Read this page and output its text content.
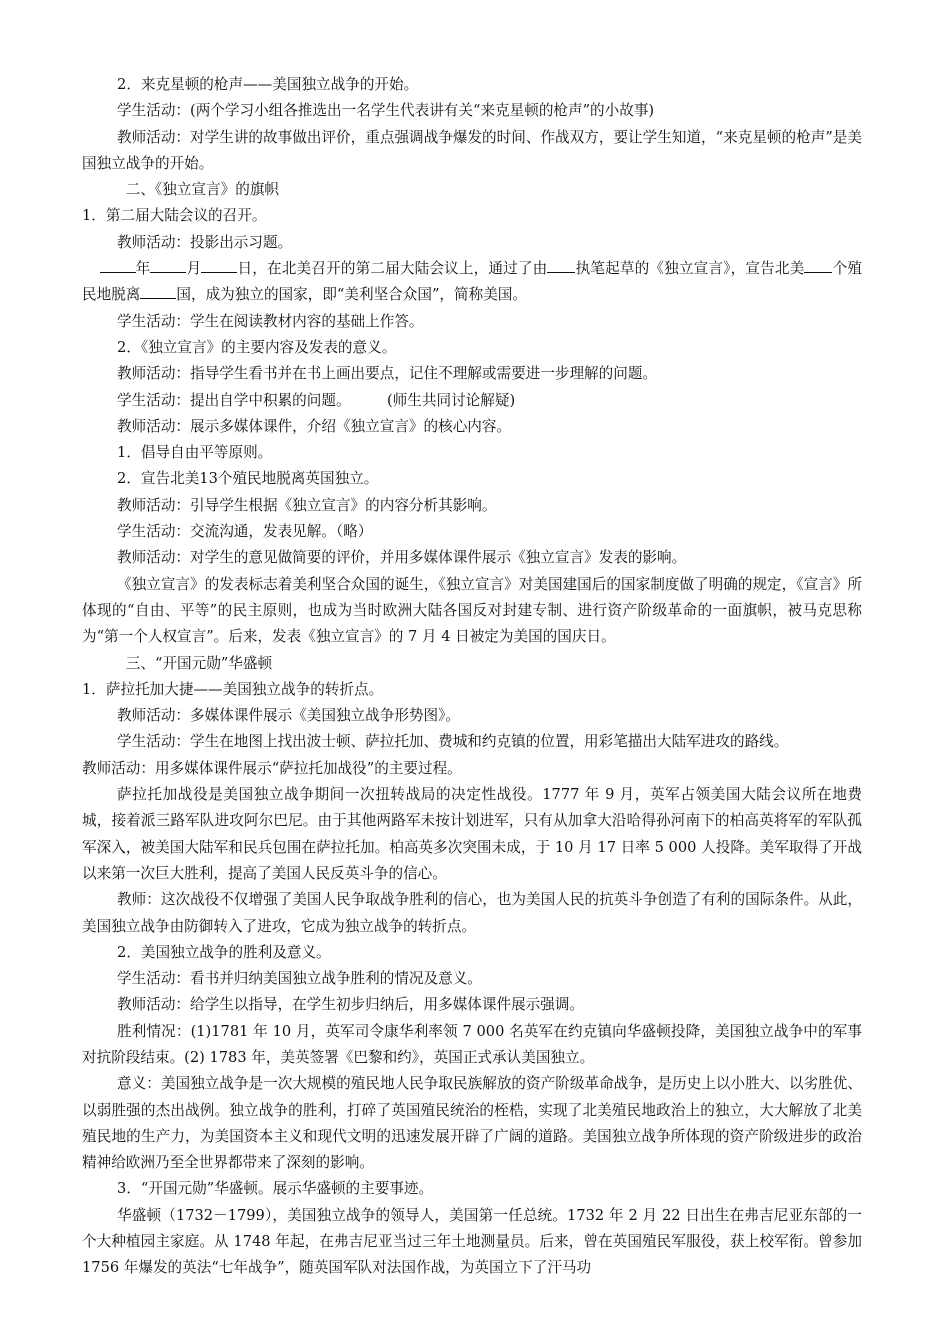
2．来克星顿的枪声——美国独立战争的开始。

学生活动：(两个学习小组各推选出一名学生代表讲有关“来克星顿的枪声”的小故事)

教师活动：对学生讲的故事做出评价，重点强调战争爆发的时间、作战双方，要让学生知道，“来克星顿的枪声”是美国独立战争的开始。

二、《独立宣言》的旗帜

1．第二届大陆会议的召开。

教师活动：投影出示习题。

年 月 日，在北美召开的第二届大陆会议上，通过了由 执笔起草的《独立宣言》，宣告北美 个殖民地脱离 国，成为独立的国家，即“美利坚合众国”，简称美国。

学生活动：学生在阅读教材内容的基础上作答。

2．《独立宣言》的主要内容及发表的意义。

教师活动：指导学生看书并在书上画出要点，记住不理解或需要进一步理解的问题。

学生活动：提出自学中积累的问题。　　　(师生共同讨论解疑)

教师活动：展示多媒体课件，介绍《独立宣言》的核心内容。

1．倡导自由平等原则。

2．宣告北美13个殖民地脱离英国独立。

教师活动：引导学生根据《独立宣言》的内容分析其影响。

学生活动：交流沟通，发表见解。（略）

教师活动：对学生的意见做简要的评价，并用多媒体课件展示《独立宣言》发表的影响。

《独立宣言》的发表标志着美利坚合众国的诞生，《独立宣言》对美国建国后的国家制度做了明确的规定，《宣言》所体现的“自由、平等”的民主原则，也成为当时欧洲大陆各国反对封建专制、进行资产阶级革命的一面旗帜，被马克思称为“第一个人权宣言”。后来，发表《独立宣言》的 7 月 4 日被定为美国的国庆日。

三、“开国元勋”华盛顿

1．萨拉托加大捷——美国独立战争的转折点。

教师活动：多媒体课件展示《美国独立战争形势图》。

学生活动：学生在地图上找出波士顿、萨拉托加、费城和约克镇的位置，用彩笔描出大陆军进攻的路线。

教师活动：用多媒体课件展示“萨拉托加战役”的主要过程。

萨拉托加战役是美国独立战争期间一次扭转战局的决定性战役。1777 年 9 月，英军占领美国大陆会议所在地费城，接着派三路军队进攻阿尔巴尼。由于其他两路军未按计划进军，只有从加拿大沿哈得孙河南下的柏高英将军的军队孤军深入，被美国大陆军和民兵包围在萨拉托加。柏高英多次突围未成，于 10 月 17 日率 5 000 人投降。美军取得了开战以来第一次巨大胜利，提高了美国人民反英斗争的信心。

教师：这次战役不仅增强了美国人民争取战争胜利的信心，也为美国人民的抗英斗争创造了有利的国际条件。从此，美国独立战争由防御转入了进攻，它成为独立战争的转折点。

2．美国独立战争的胜利及意义。

学生活动：看书并归纳美国独立战争胜利的情况及意义。

教师活动：给学生以指导，在学生初步归纳后，用多媒体课件展示强调。

胜利情况：(1)1781 年 10 月，英军司令康华利率领 7 000 名英军在约克镇向华盛顿投降，美国独立战争中的军事对抗阶段结束。(2) 1783 年，美英签署《巴黎和约》，英国正式承认美国独立。

意义：美国独立战争是一次大规模的殖民地人民争取民族解放的资产阶级革命战争，是历史上以小胜大、以劣胜优、以弱胜强的杰出战例。独立战争的胜利，打碎了英国殖民统治的桎梏，实现了北美殖民地政治上的独立，大大解放了北美殖民地的生产力，为美国资本主义和现代文明的迅速发展开辟了广阔的道路。美国独立战争所体现的资产阶级进步的政治精神给欧洲乃至全世界都带来了深刻的影响。

3．“开国元勋”华盛顿。展示华盛顿的主要事迹。

华盛顿（1732－1799），美国独立战争的领导人，美国第一任总统。1732 年 2 月 22 日出生在弗吉尼亚东部的一个大种植园主家庭。从 1748 年起，在弗吉尼亚当过三年土地测量员。后来，曾在英国殖民军服役，获上校军衔。曾参加 1756 年爆发的英法“七年战争”，随英国军队对法国作战，为英国立下了汗马功
